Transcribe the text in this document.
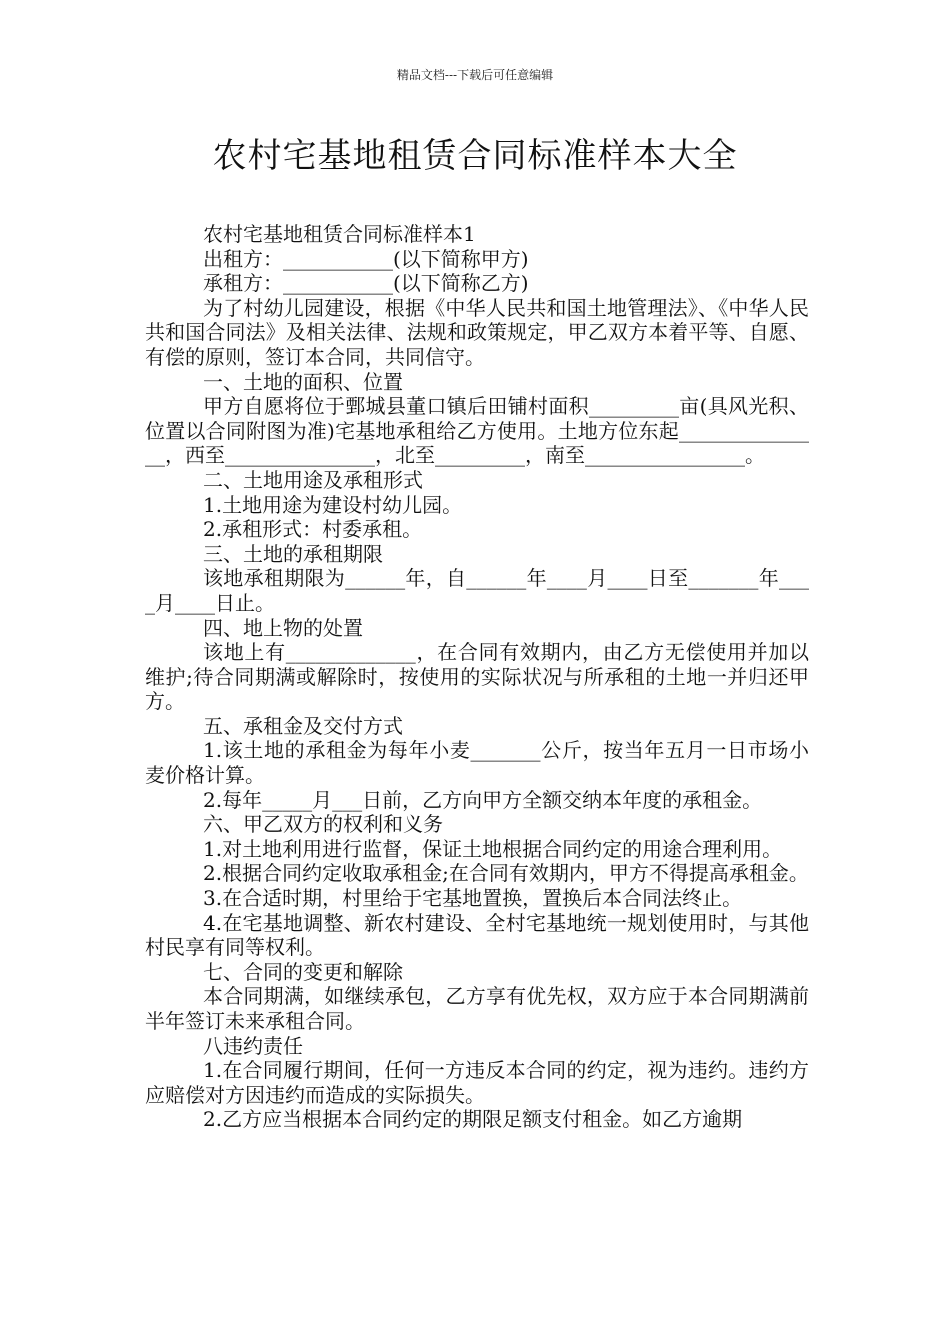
精品文档---下载后可任意编辑
农村宅基地租赁合同标准样本大全

农村宅基地租赁合同标准样本1

出租方：___________(以下简称甲方)

承租方：___________(以下简称乙方)

为了村幼儿园建设，根据《中华人民共和国土地管理法》、《中华人民共和国合同法》及相关法律、法规和政策规定，甲乙双方本着平等、自愿、有偿的原则，签订本合同，共同信守。

一、土地的面积、位置

甲方自愿将位于鄄城县董口镇后田铺村面积_________亩(具风光积、位置以合同附图为准)宅基地承租给乙方使用。土地方位东起_______________，西至_______________，北至_________，南至________________。

二、土地用途及承租形式

1.土地用途为建设村幼儿园。

2.承租形式：村委承租。

三、土地的承租期限

该地承租期限为______年，自______年____月____日至_______年____月____日止。

四、地上物的处置

该地上有_____________，在合同有效期内，由乙方无偿使用并加以维护;待合同期满或解除时，按使用的实际状况与所承租的土地一并归还甲方。

五、承租金及交付方式

1.该土地的承租金为每年小麦_______公斤，按当年五月一日市场小麦价格计算。

2.每年_____月___日前，乙方向甲方全额交纳本年度的承租金。

六、甲乙双方的权利和义务

1.对土地利用进行监督，保证土地根据合同约定的用途合理利用。

2.根据合同约定收取承租金;在合同有效期内，甲方不得提高承租金。

3.在合适时期，村里给于宅基地置换，置换后本合同法终止。

4.在宅基地调整、新农村建设、全村宅基地统一规划使用时，与其他村民享有同等权利。

七、合同的变更和解除

本合同期满，如继续承包，乙方享有优先权，双方应于本合同期满前半年签订未来承租合同。

八违约责任

1.在合同履行期间，任何一方违反本合同的约定，视为违约。违约方应赔偿对方因违约而造成的实际损失。

2.乙方应当根据本合同约定的期限足额支付租金。如乙方逾期
